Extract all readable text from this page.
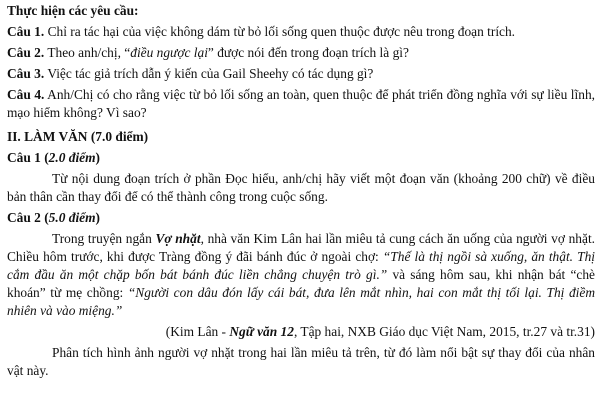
Thực hiện các yêu cầu:

Câu 1. Chỉ ra tác hại của việc không dám từ bỏ lối sống quen thuộc được nêu trong đoạn trích.

Câu 2. Theo anh/chị, “điều ngược lại” được nói đến trong đoạn trích là gì?

Câu 3. Việc tác giả trích dẫn ý kiến của Gail Sheehy có tác dụng gì?

Câu 4. Anh/Chị có cho rằng việc từ bỏ lối sống an toàn, quen thuộc để phát triển đồng nghĩa với sự liều lĩnh, mạo hiểm không? Vì sao?

II. LÀM VĂN (7.0 điểm)

Câu 1 (2.0 điểm)

Từ nội dung đoạn trích ở phần Đọc hiểu, anh/chị hãy viết một đoạn văn (khoảng 200 chữ) về điều bản thân cần thay đổi để có thể thành công trong cuộc sống.

Câu 2 (5.0 điểm)

Trong truyện ngắn Vợ nhặt, nhà văn Kim Lân hai lần miêu tả cung cách ăn uống của người vợ nhặt. Chiều hôm trước, khi được Tràng đồng ý đãi bánh đúc ở ngoài chợ: “Thế là thị ngồi sà xuống, ăn thật. Thị cắm đầu ăn một chặp bốn bát bánh đúc liền chẳng chuyện trò gì.” và sáng hôm sau, khi nhận bát “chè khoán” từ mẹ chồng: “Người con dâu đón lấy cái bát, đưa lên mắt nhìn, hai con mắt thị tối lại. Thị điềm nhiên và vào miệng.”

(Kim Lân - Ngữ văn 12, Tập hai, NXB Giáo dục Việt Nam, 2015, tr.27 và tr.31)

Phân tích hình ảnh người vợ nhặt trong hai lần miêu tả trên, từ đó làm nổi bật sự thay đổi của nhân vật này.
